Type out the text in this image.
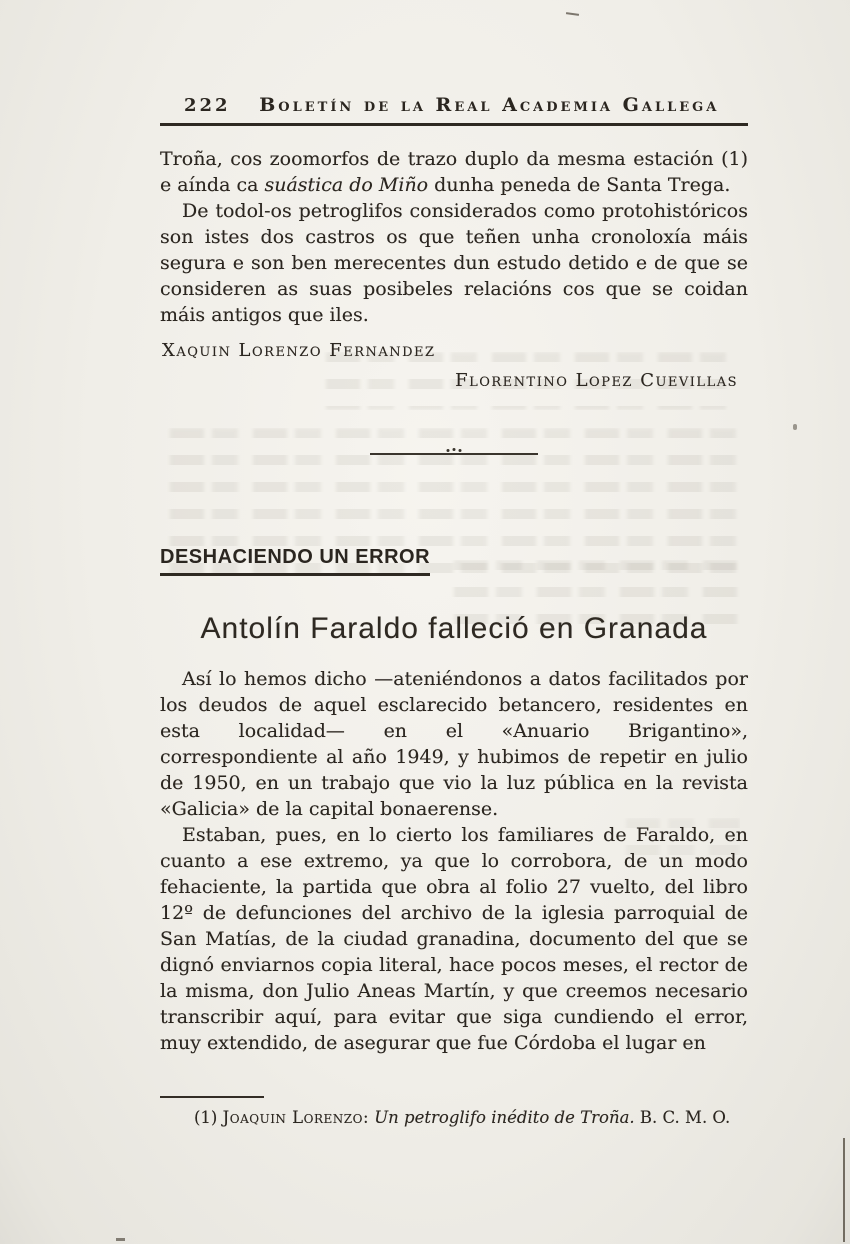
222	Boletín de la Real Academia Gallega

Troña, cos zoomorfos de trazo duplo da mesma estación (1) e aínda ca suástica do Miño dunha peneda de Santa Trega.

De todol-os petroglifos considerados como protohistóricos son istes dos castros os que teñen unha cronoloxía máis segura e son ben merecentes dun estudo detido e de que se consideren as suas posibeles relacións cos que se coidan máis antigos que iles.

Xaquin Lorenzo Fernandez

Florentino Lopez Cuevillas

DESHACIENDO UN ERROR
Antolín Faraldo falleció en Granada

Así lo hemos dicho —ateniéndonos a datos facilitados por los deudos de aquel esclarecido betancero, residentes en esta localidad— en el «Anuario Brigantino», correspondiente al año 1949, y hubimos de repetir en julio de 1950, en un trabajo que vio la luz pública en la revista «Galicia» de la capital bonaerense.

Estaban, pues, en lo cierto los familiares de Faraldo, en cuanto a ese extremo, ya que lo corrobora, de un modo fehaciente, la partida que obra al folio 27 vuelto, del libro 12º de defunciones del archivo de la iglesia parroquial de San Matías, de la ciudad granadina, documento del que se dignó enviarnos copia literal, hace pocos meses, el rector de la misma, don Julio Aneas Martín, y que creemos necesario transcribir aquí, para evitar que siga cundiendo el error, muy extendido, de asegurar que fue Córdoba el lugar en

(1) Joaquin Lorenzo: Un petroglifo inédito de Troña. B. C. M. O.
